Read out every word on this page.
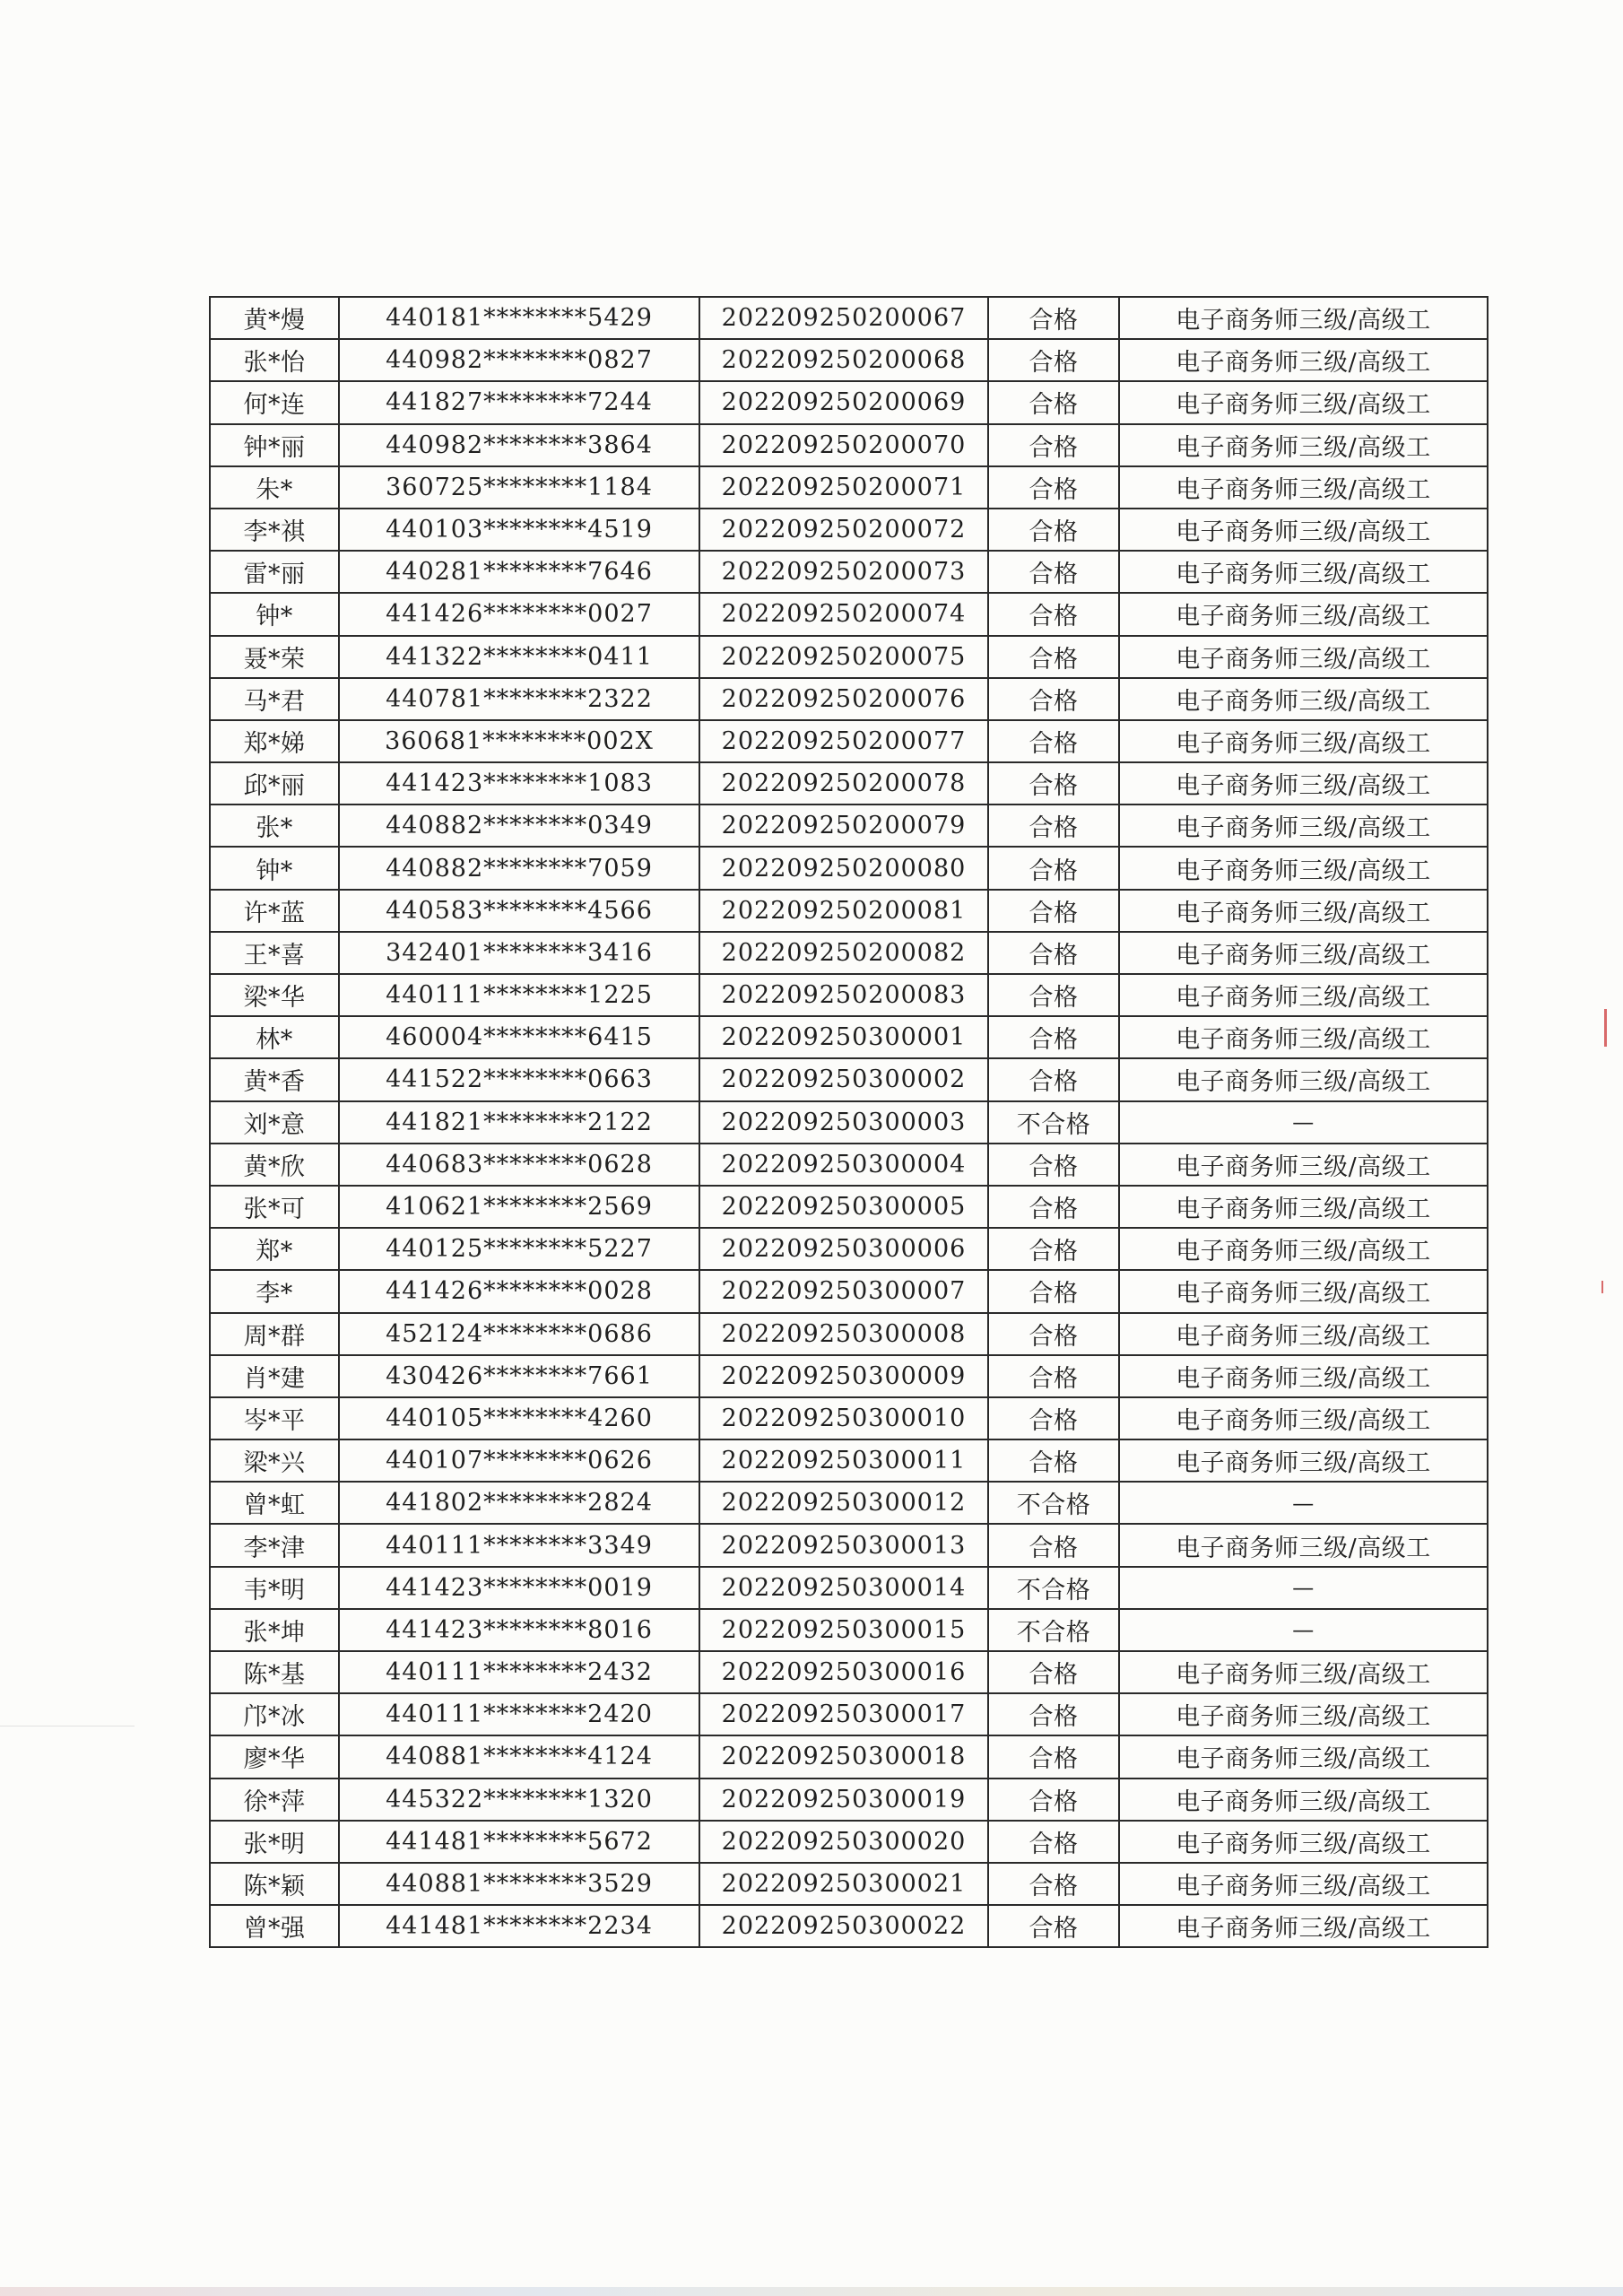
黄*熳	440181********5429	202209250200067	合格	电子商务师三级/高级工
张*怡	440982********0827	202209250200068	合格	电子商务师三级/高级工
何*连	441827********7244	202209250200069	合格	电子商务师三级/高级工
钟*丽	440982********3864	202209250200070	合格	电子商务师三级/高级工
朱*	360725********1184	202209250200071	合格	电子商务师三级/高级工
李*祺	440103********4519	202209250200072	合格	电子商务师三级/高级工
雷*丽	440281********7646	202209250200073	合格	电子商务师三级/高级工
钟*	441426********0027	202209250200074	合格	电子商务师三级/高级工
聂*荣	441322********0411	202209250200075	合格	电子商务师三级/高级工
马*君	440781********2322	202209250200076	合格	电子商务师三级/高级工
郑*娣	360681********002X	202209250200077	合格	电子商务师三级/高级工
邱*丽	441423********1083	202209250200078	合格	电子商务师三级/高级工
张*	440882********0349	202209250200079	合格	电子商务师三级/高级工
钟*	440882********7059	202209250200080	合格	电子商务师三级/高级工
许*蓝	440583********4566	202209250200081	合格	电子商务师三级/高级工
王*喜	342401********3416	202209250200082	合格	电子商务师三级/高级工
梁*华	440111********1225	202209250200083	合格	电子商务师三级/高级工
林*	460004********6415	202209250300001	合格	电子商务师三级/高级工
黄*香	441522********0663	202209250300002	合格	电子商务师三级/高级工
刘*意	441821********2122	202209250300003	不合格	—
黄*欣	440683********0628	202209250300004	合格	电子商务师三级/高级工
张*可	410621********2569	202209250300005	合格	电子商务师三级/高级工
郑*	440125********5227	202209250300006	合格	电子商务师三级/高级工
李*	441426********0028	202209250300007	合格	电子商务师三级/高级工
周*群	452124********0686	202209250300008	合格	电子商务师三级/高级工
肖*建	430426********7661	202209250300009	合格	电子商务师三级/高级工
岑*平	440105********4260	202209250300010	合格	电子商务师三级/高级工
梁*兴	440107********0626	202209250300011	合格	电子商务师三级/高级工
曾*虹	441802********2824	202209250300012	不合格	—
李*津	440111********3349	202209250300013	合格	电子商务师三级/高级工
韦*明	441423********0019	202209250300014	不合格	—
张*坤	441423********8016	202209250300015	不合格	—
陈*基	440111********2432	202209250300016	合格	电子商务师三级/高级工
邝*冰	440111********2420	202209250300017	合格	电子商务师三级/高级工
廖*华	440881********4124	202209250300018	合格	电子商务师三级/高级工
徐*萍	445322********1320	202209250300019	合格	电子商务师三级/高级工
张*明	441481********5672	202209250300020	合格	电子商务师三级/高级工
陈*颖	440881********3529	202209250300021	合格	电子商务师三级/高级工
曾*强	441481********2234	202209250300022	合格	电子商务师三级/高级工
